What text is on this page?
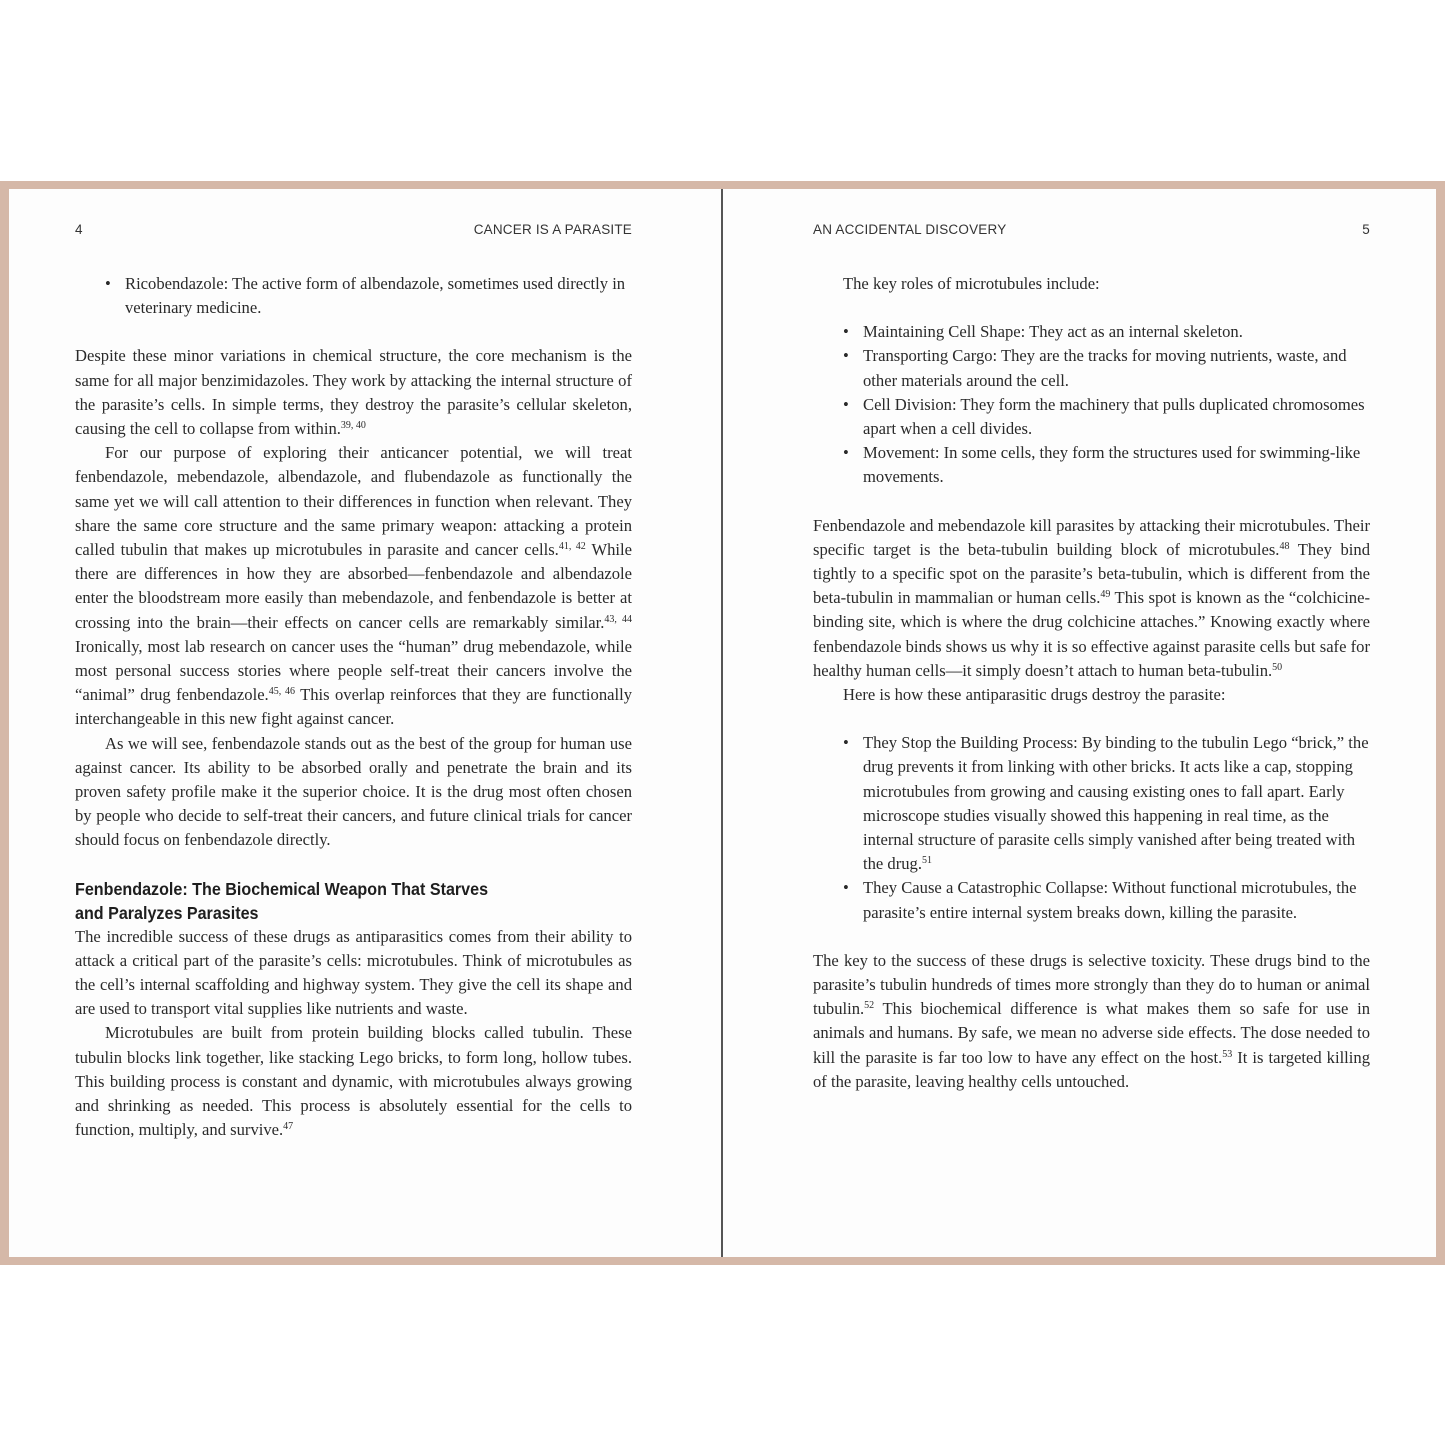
4	CANCER IS A PARASITE
• Ricobendazole: The active form of albendazole, sometimes used directly in veterinary medicine.

Despite these minor variations in chemical structure, the core mechanism is the same for all major benzimidazoles. They work by attacking the internal structure of the parasite’s cells. In simple terms, they destroy the parasite’s cellular skeleton, causing the cell to collapse from within.$^{39, 40}$

For our purpose of exploring their anticancer potential, we will treat fenbendazole, mebendazole, albendazole, and flubendazole as functionally the same yet we will call attention to their differences in function when relevant. They share the same core structure and the same primary weapon: attacking a protein called tubulin that makes up microtubules in parasite and cancer cells.$^{41, 42}$ While there are differences in how they are absorbed—fenbendazole and albendazole enter the bloodstream more easily than mebendazole, and fenbendazole is better at crossing into the brain—their effects on cancer cells are remarkably similar.$^{43, 44}$ Ironically, most lab research on cancer uses the “human” drug mebendazole, while most personal success stories where people self-treat their cancers involve the “animal” drug fenbendazole.$^{45, 46}$ This overlap reinforces that they are functionally interchangeable in this new fight against cancer.

As we will see, fenbendazole stands out as the best of the group for human use against cancer. Its ability to be absorbed orally and penetrate the brain and its proven safety profile make it the superior choice. It is the drug most often chosen by people who decide to self-treat their cancers, and future clinical trials for cancer should focus on fenbendazole directly.

Fenbendazole: The Biochemical Weapon That Starves and Paralyzes Parasites

The incredible success of these drugs as antiparasitics comes from their ability to attack a critical part of the parasite’s cells: microtubules. Think of microtubules as the cell’s internal scaffolding and highway system. They give the cell its shape and are used to transport vital supplies like nutrients and waste.

Microtubules are built from protein building blocks called tubulin. These tubulin blocks link together, like stacking Lego bricks, to form long, hollow tubes. This building process is constant and dynamic, with microtubules always growing and shrinking as needed. This process is absolutely essential for the cells to function, multiply, and survive.$^{47}$

AN ACCIDENTAL DISCOVERY	5

The key roles of microtubules include:

• Maintaining Cell Shape: They act as an internal skeleton.
• Transporting Cargo: They are the tracks for moving nutrients, waste, and other materials around the cell.
• Cell Division: They form the machinery that pulls duplicated chromosomes apart when a cell divides.
• Movement: In some cells, they form the structures used for swimming-like movements.

Fenbendazole and mebendazole kill parasites by attacking their microtubules. Their specific target is the beta-tubulin building block of microtubules.$^{48}$ They bind tightly to a specific spot on the parasite’s beta-tubulin, which is different from the beta-tubulin in mammalian or human cells.$^{49}$ This spot is known as the “colchicine-binding site, which is where the drug colchicine attaches.” Knowing exactly where fenbendazole binds shows us why it is so effective against parasite cells but safe for healthy human cells—it simply doesn’t attach to human beta-tubulin.$^{50}$

Here is how these antiparasitic drugs destroy the parasite:

• They Stop the Building Process: By binding to the tubulin Lego “brick,” the drug prevents it from linking with other bricks. It acts like a cap, stopping microtubules from growing and causing existing ones to fall apart. Early microscope studies visually showed this happening in real time, as the internal structure of parasite cells simply vanished after being treated with the drug.$^{51}$
• They Cause a Catastrophic Collapse: Without functional microtubules, the parasite’s entire internal system breaks down, killing the parasite.

The key to the success of these drugs is selective toxicity. These drugs bind to the parasite’s tubulin hundreds of times more strongly than they do to human or animal tubulin.$^{52}$ This biochemical difference is what makes them so safe for use in animals and humans. By safe, we mean no adverse side effects. The dose needed to kill the parasite is far too low to have any effect on the host.$^{53}$ It is targeted killing of the parasite, leaving healthy cells untouched.
